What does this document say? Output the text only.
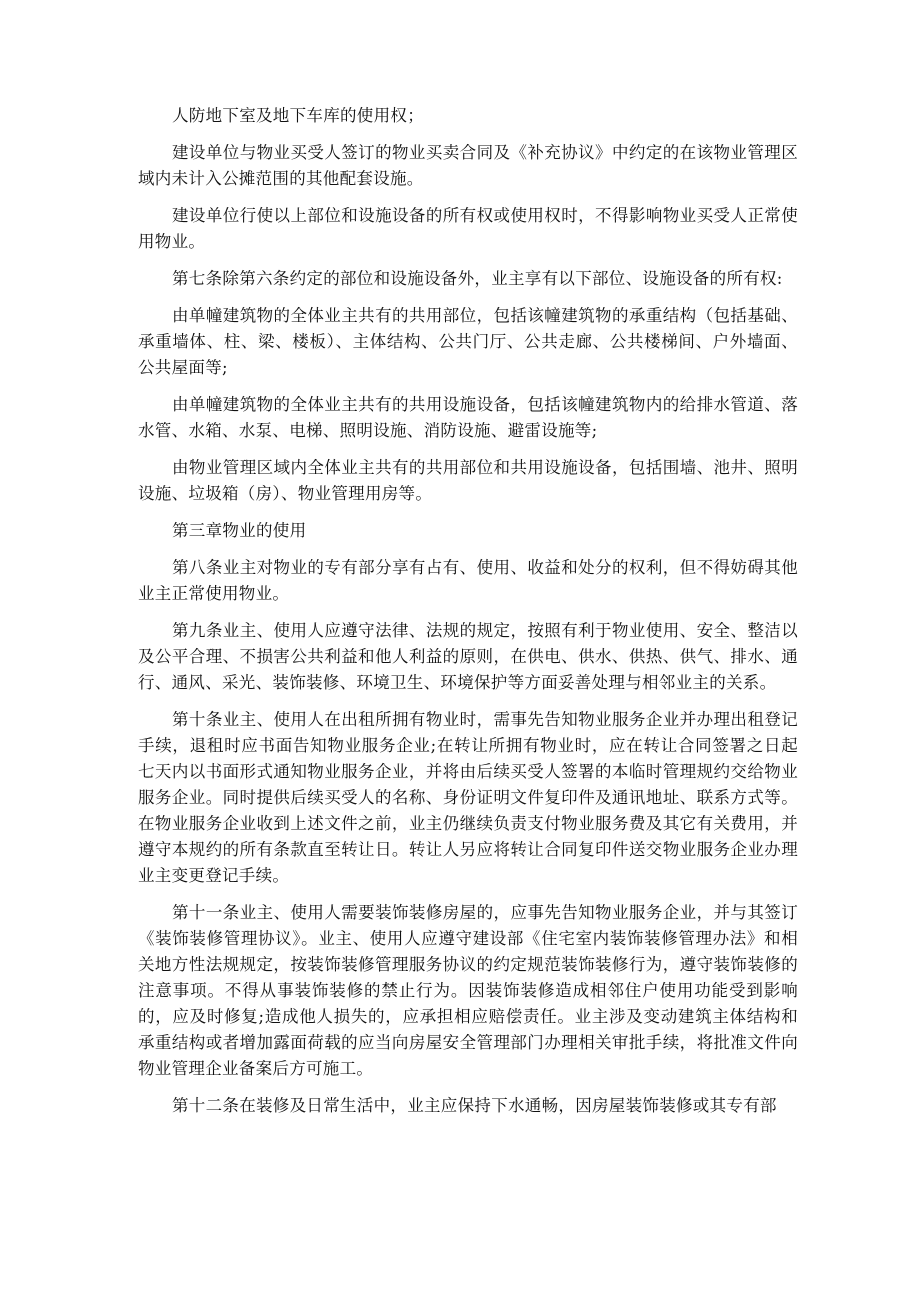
人防地下室及地下车库的使用权；

建设单位与物业买受人签订的物业买卖合同及《补充协议》中约定的在该物业管理区域内未计入公摊范围的其他配套设施。

建设单位行使以上部位和设施设备的所有权或使用权时，不得影响物业买受人正常使用物业。

第七条除第六条约定的部位和设施设备外，业主享有以下部位、设施设备的所有权:

由单幢建筑物的全体业主共有的共用部位，包括该幢建筑物的承重结构（包括基础、承重墙体、柱、梁、楼板）、主体结构、公共门厅、公共走廊、公共楼梯间、户外墙面、公共屋面等;

由单幢建筑物的全体业主共有的共用设施设备，包括该幢建筑物内的给排水管道、落水管、水箱、水泵、电梯、照明设施、消防设施、避雷设施等;

由物业管理区域内全体业主共有的共用部位和共用设施设备，包括围墙、池井、照明设施、垃圾箱（房）、物业管理用房等。

第三章物业的使用

第八条业主对物业的专有部分享有占有、使用、收益和处分的权利，但不得妨碍其他业主正常使用物业。

第九条业主、使用人应遵守法律、法规的规定，按照有利于物业使用、安全、整洁以及公平合理、不损害公共利益和他人利益的原则，在供电、供水、供热、供气、排水、通行、通风、采光、装饰装修、环境卫生、环境保护等方面妥善处理与相邻业主的关系。

第十条业主、使用人在出租所拥有物业时，需事先告知物业服务企业并办理出租登记手续，退租时应书面告知物业服务企业;在转让所拥有物业时，应在转让合同签署之日起七天内以书面形式通知物业服务企业，并将由后续买受人签署的本临时管理规约交给物业服务企业。同时提供后续买受人的名称、身份证明文件复印件及通讯地址、联系方式等。在物业服务企业收到上述文件之前，业主仍继续负责支付物业服务费及其它有关费用，并遵守本规约的所有条款直至转让日。转让人另应将转让合同复印件送交物业服务企业办理业主变更登记手续。

第十一条业主、使用人需要装饰装修房屋的，应事先告知物业服务企业，并与其签订《装饰装修管理协议》。业主、使用人应遵守建设部《住宅室内装饰装修管理办法》和相关地方性法规规定，按装饰装修管理服务协议的约定规范装饰装修行为，遵守装饰装修的注意事项。不得从事装饰装修的禁止行为。因装饰装修造成相邻住户使用功能受到影响的，应及时修复;造成他人损失的，应承担相应赔偿责任。业主涉及变动建筑主体结构和承重结构或者增加露面荷载的应当向房屋安全管理部门办理相关审批手续，将批准文件向物业管理企业备案后方可施工。

第十二条在装修及日常生活中，业主应保持下水通畅，因房屋装饰装修或其专有部
